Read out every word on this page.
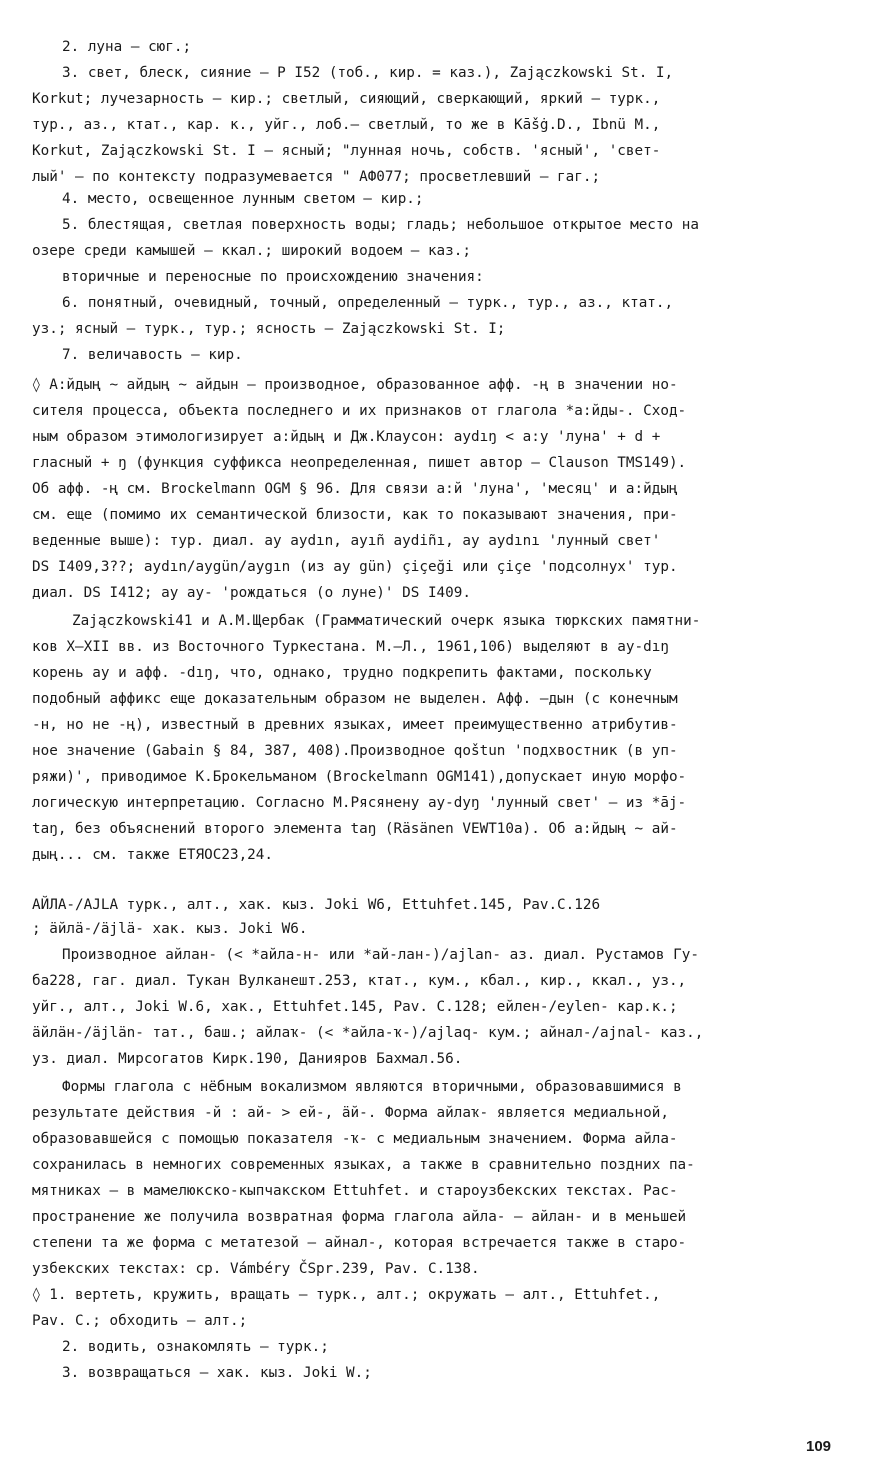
2. луна – сюг.;
3. свет, блеск, сияние – P I52 (тоб., кир. = каз.), Zajączkowski St. I,
Korkut; лучезарность – кир.; светлый, сияющий, сверкающий, яркий – турк.,
тур., аз., ктат., кар. к., уйг., лоб.– светлый, то же в Kāšġ.D., Ibnü M.,
Korkut, Zajączkowski St. I – ясный; "лунная ночь, собств. 'ясный', 'свет-
лый' – по контексту подразумевается " АФ077; просветлевший – гаг.;
4. место, освещенное лунным светом – кир.;
5. блестящая, светлая поверхность воды; гладь; небольшое открытое место на
озере среди камышей – ккал.; широкий водоем – каз.;
вторичные и переносные по происхождению значения:
6. понятный, очевидный, точный, определенный – турк., тур., аз., ктат.,
уз.; ясный – турк., тур.; ясность – Zajączkowski St. I;
7. величавость – кир.
◊ А:йдың ~ айдың ~ айдын – производное, образованное афф. -ң в значении но-
сителя процесса, объекта последнего и их признаков от глагола *а:йды-. Сход-
ным образом этимологизирует а:йдың и Дж.Клаусон: aydıŋ < a:y 'луна' + d +
гласный + ŋ (функция суффикса неопределенная, пишет автор – Clauson TMS149).
Об афф. -ң см. Brockelmann OGM § 96. Для связи а:й 'луна', 'месяц' и а:йдың
см. еще (помимо их семантической близости, как то показывают значения, при-
веденные выше): тур. диал. ay aydın, ayıñ aydiñı, ay aydını 'лунный свет'
DS I409,3??; aydın/aygün/aygın (из ay gün) çiçeği или çiçe 'подсолнух' тур.
диал. DS I412; ay ay- 'рождаться (о луне)' DS I409.
Zajączkowski41 и А.М.Щербак (Грамматический очерк языка тюркских памятни-
ков X–XII вв. из Восточного Туркестана. М.–Л., 1961,106) выделяют в ay-dıŋ
корень ay и афф. -dıŋ, что, однако, трудно подкрепить фактами, поскольку
подобный аффикс еще доказательным образом не выделен. Афф. –дын (с конечным
-н, но не -ң), известный в древних языках, имеет преимущественно атрибутив-
ное значение (Gabain § 84, 387, 408).Производное qoštun 'подхвостник (в уп-
ряжи)', приводимое К.Брокельманом (Brockelmann OGM141),допускает иную морфо-
логическую интерпретацию. Согласно М.Рясянену ay-dyŋ 'лунный свет' – из *āj-
taŋ, без объяснений второго элемента taŋ (Räsänen VEWT10a). Об а:йдың ~ ай-
дың... см. также ЕТЯОС23,24.
АЙЛА-/AJLA турк., алт., хак. кыз. Joki W6, Ettuhfet.145, Pav.C.126
; ӓйлӓ-/äjlä- хак. кыз. Joki W6.
Производное айлан- (< *айла-н- или *ай-лан-)/ajlan- аз. диал. Рустамов Гу-
ба228, гаг. диал. Тукан Вулканешт.253, ктат., кум., кбал., кир., ккал., уз.,
уйг., алт., Joki W.6, хак., Ettuhfet.145, Pav. C.128; ейлен-/eylen- кар.к.;
ӓйлӓн-/äjlän- тат., баш.; айлаҡ- (< *айла-ҡ-)/ajlaq- кум.; айнал-/ajnal- каз.,
уз. диал. Мирсогатов Кирк.190, Данияров Бахмал.56.
Формы глагола с нёбным вокализмом являются вторичными, образовавшимися в
результате действия -й : ай- > ей-, ӓй-. Форма айлаҡ- является медиальной,
образовавшейся с помощью показателя -ҡ- с медиальным значением. Форма айла-
сохранилась в немногих современных языках, а также в сравнительно поздних па-
мятниках – в мамелюкско-кыпчакском Ettuhfet. и староузбекских текстах. Рас-
пространение же получила возвратная форма глагола айла- – айлан- и в меньшей
степени та же форма с метатезой – айнал-, которая встречается также в старо-
узбекских текстах: ср. Vámbéry ČSpr.239, Pav. C.138.
◊ 1. вертеть, кружить, вращать – турк., алт.; окружать – алт., Ettuhfet.,
Pav. C.; обходить – алт.;
2. водить, ознакомлять – турк.;
3. возвращаться – хак. кыз. Joki W.;
109
